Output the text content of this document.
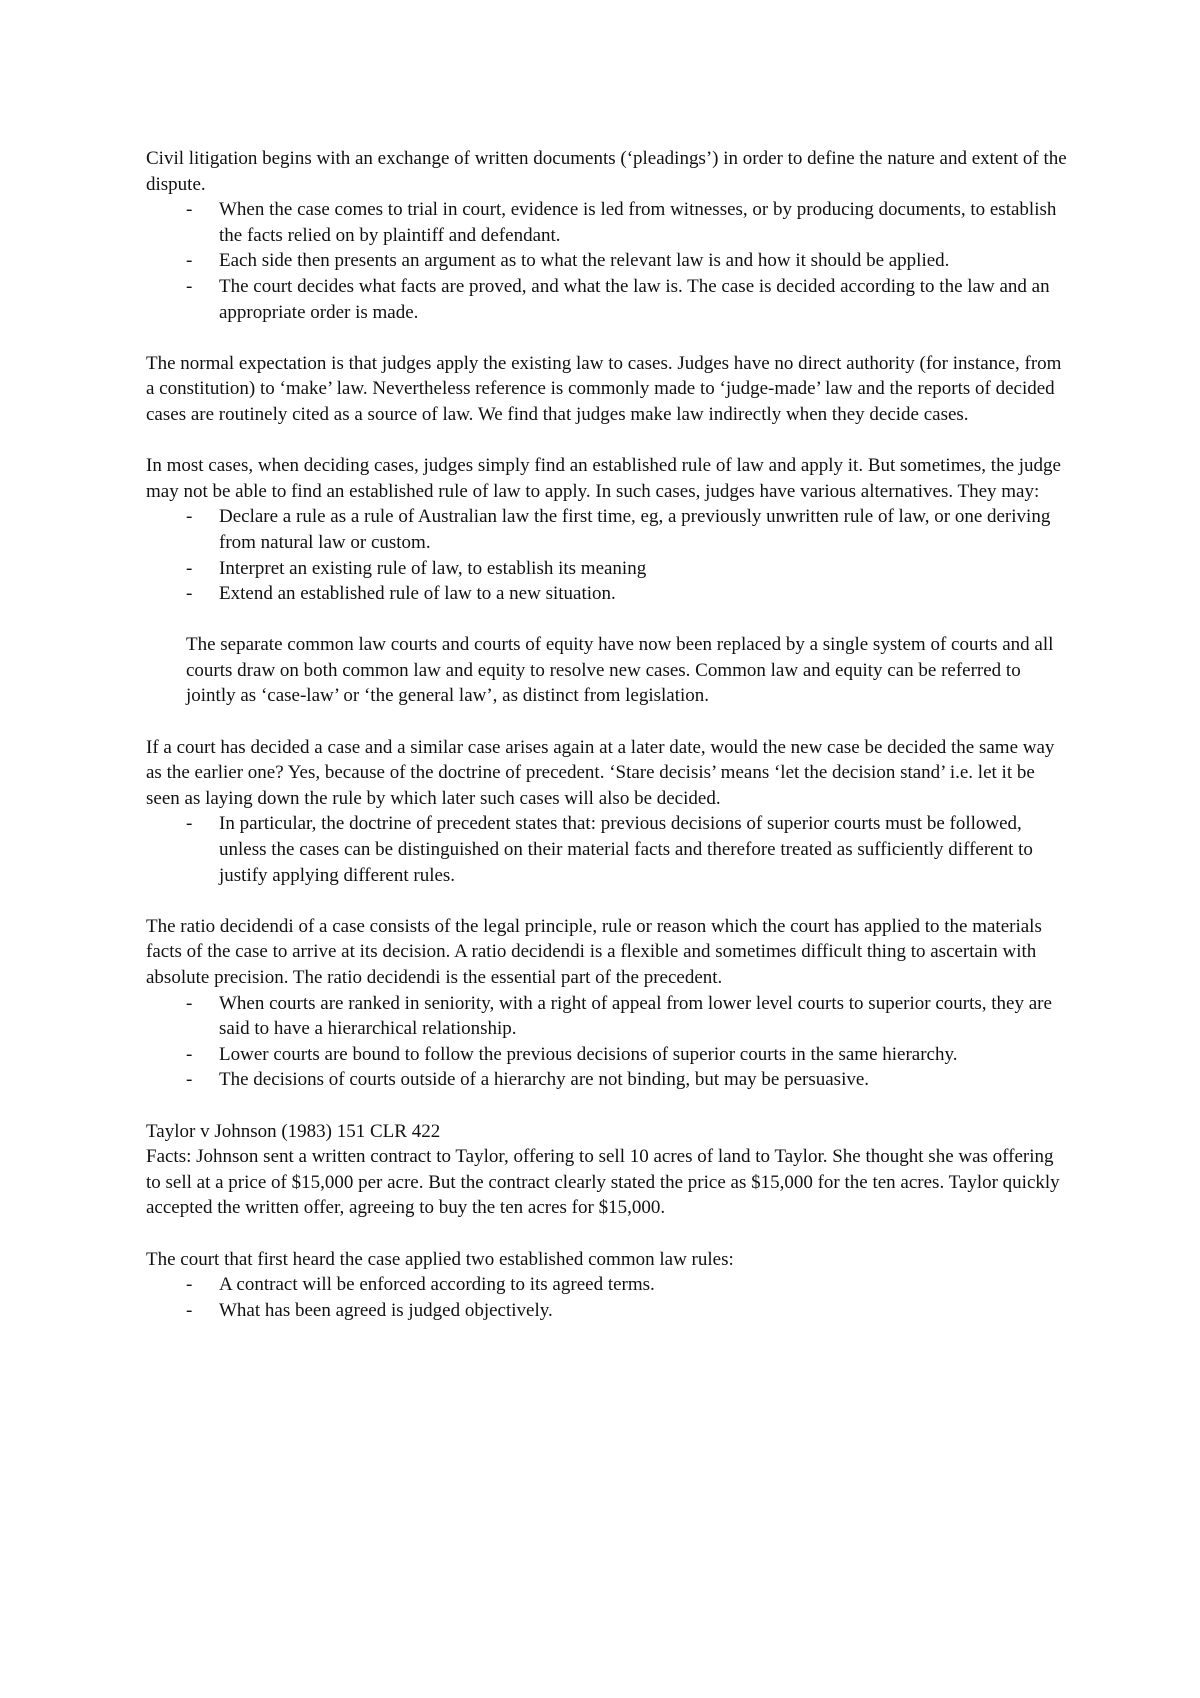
Civil litigation begins with an exchange of written documents (‘pleadings’) in order to define the nature and extent of the dispute.

- When the case comes to trial in court, evidence is led from witnesses, or by producing documents, to establish the facts relied on by plaintiff and defendant.
- Each side then presents an argument as to what the relevant law is and how it should be applied.
- The court decides what facts are proved, and what the law is. The case is decided according to the law and an appropriate order is made.

The normal expectation is that judges apply the existing law to cases. Judges have no direct authority (for instance, from a constitution) to ‘make’ law. Nevertheless reference is commonly made to ‘judge-made’ law and the reports of decided cases are routinely cited as a source of law. We find that judges make law indirectly when they decide cases.

In most cases, when deciding cases, judges simply find an established rule of law and apply it. But sometimes, the judge may not be able to find an established rule of law to apply. In such cases, judges have various alternatives. They may:

- Declare a rule as a rule of Australian law the first time, eg, a previously unwritten rule of law, or one deriving from natural law or custom.
- Interpret an existing rule of law, to establish its meaning
- Extend an established rule of law to a new situation.

The separate common law courts and courts of equity have now been replaced by a single system of courts and all courts draw on both common law and equity to resolve new cases. Common law and equity can be referred to jointly as ‘case-law’ or ‘the general law’, as distinct from legislation.

If a court has decided a case and a similar case arises again at a later date, would the new case be decided the same way as the earlier one? Yes, because of the doctrine of precedent. ‘Stare decisis’ means ‘let the decision stand’ i.e. let it be seen as laying down the rule by which later such cases will also be decided.

- In particular, the doctrine of precedent states that: previous decisions of superior courts must be followed, unless the cases can be distinguished on their material facts and therefore treated as sufficiently different to justify applying different rules.

The ratio decidendi of a case consists of the legal principle, rule or reason which the court has applied to the materials facts of the case to arrive at its decision. A ratio decidendi is a flexible and sometimes difficult thing to ascertain with absolute precision. The ratio decidendi is the essential part of the precedent.

- When courts are ranked in seniority, with a right of appeal from lower level courts to superior courts, they are said to have a hierarchical relationship.
- Lower courts are bound to follow the previous decisions of superior courts in the same hierarchy.
- The decisions of courts outside of a hierarchy are not binding, but may be persuasive.

Taylor v Johnson (1983) 151 CLR 422

Facts: Johnson sent a written contract to Taylor, offering to sell 10 acres of land to Taylor. She thought she was offering to sell at a price of $15,000 per acre. But the contract clearly stated the price as $15,000 for the ten acres. Taylor quickly accepted the written offer, agreeing to buy the ten acres for $15,000.

The court that first heard the case applied two established common law rules:

- A contract will be enforced according to its agreed terms.
- What has been agreed is judged objectively.
